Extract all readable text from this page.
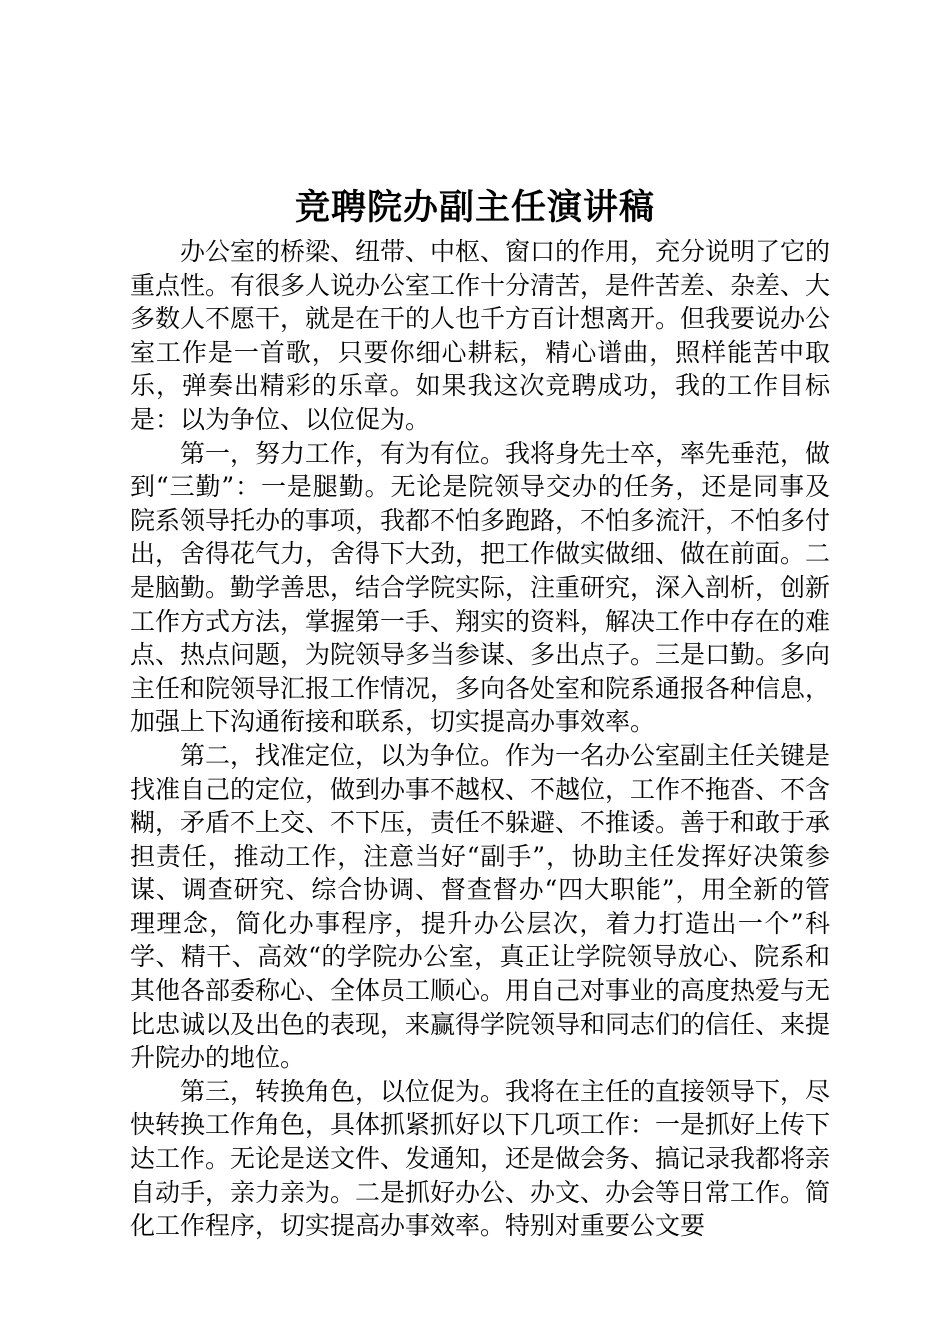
竞聘院办副主任演讲稿

办公室的桥梁、纽带、中枢、窗口的作用，充分说明了它的重点性。有很多人说办公室工作十分清苦，是件苦差、杂差、大多数人不愿干，就是在干的人也千方百计想离开。但我要说办公室工作是一首歌，只要你细心耕耘，精心谱曲，照样能苦中取乐，弹奏出精彩的乐章。如果我这次竞聘成功，我的工作目标是：以为争位、以位促为。

第一，努力工作，有为有位。我将身先士卒，率先垂范，做到“三勤”：一是腿勤。无论是院领导交办的任务，还是同事及院系领导托办的事项，我都不怕多跑路，不怕多流汗，不怕多付出，舍得花气力，舍得下大劲，把工作做实做细、做在前面。二是脑勤。勤学善思，结合学院实际，注重研究，深入剖析，创新工作方式方法，掌握第一手、翔实的资料，解决工作中存在的难点、热点问题，为院领导多当参谋、多出点子。三是口勤。多向主任和院领导汇报工作情况，多向各处室和院系通报各种信息，加强上下沟通衔接和联系，切实提高办事效率。

第二，找准定位，以为争位。作为一名办公室副主任关键是找准自己的定位，做到办事不越权、不越位，工作不拖沓、不含糊，矛盾不上交、不下压，责任不躲避、不推诿。善于和敢于承担责任，推动工作，注意当好“副手”，协助主任发挥好决策参谋、调查研究、综合协调、督查督办“四大职能”，用全新的管理理念，简化办事程序，提升办公层次，着力打造出一个”科学、精干、高效“的学院办公室，真正让学院领导放心、院系和其他各部委称心、全体员工顺心。用自己对事业的高度热爱与无比忠诚以及出色的表现，来赢得学院领导和同志们的信任、来提升院办的地位。

第三，转换角色，以位促为。我将在主任的直接领导下，尽快转换工作角色，具体抓紧抓好以下几项工作：一是抓好上传下达工作。无论是送文件、发通知，还是做会务、搞记录我都将亲自动手，亲力亲为。二是抓好办公、办文、办会等日常工作。简化工作程序，切实提高办事效率。特别对重要公文要
